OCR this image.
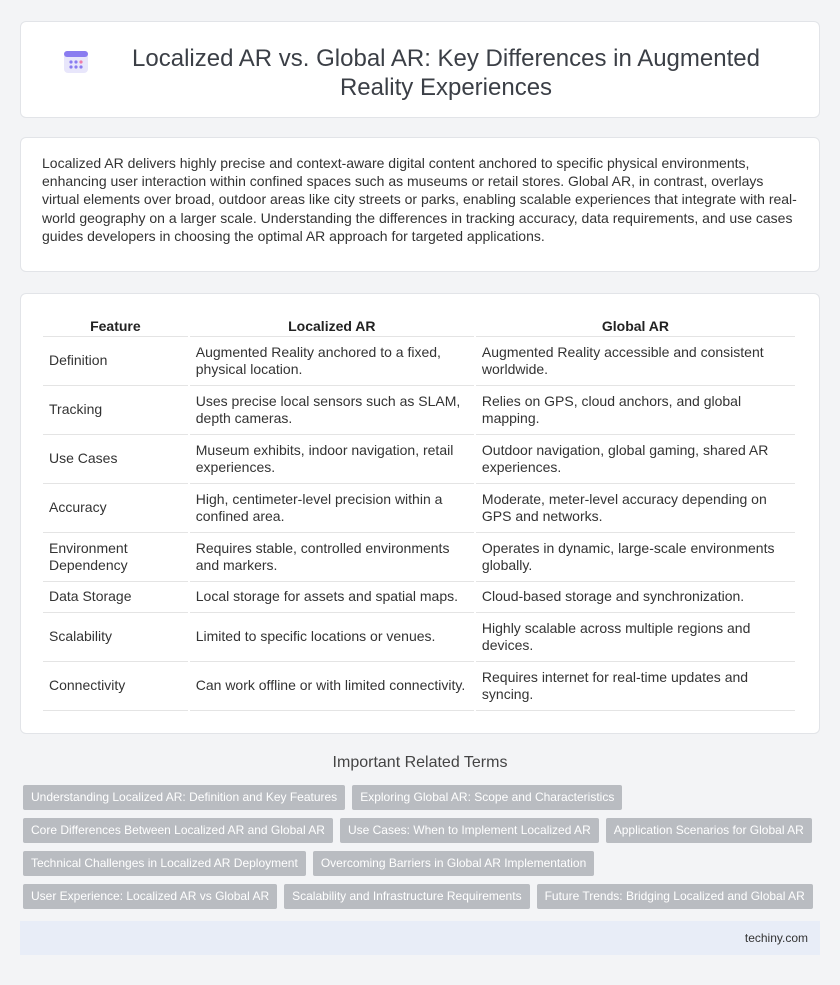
Localized AR vs. Global AR: Key Differences in Augmented Reality Experiences

Localized AR delivers highly precise and context-aware digital content anchored to specific physical environments, enhancing user interaction within confined spaces such as museums or retail stores. Global AR, in contrast, overlays virtual elements over broad, outdoor areas like city streets or parks, enabling scalable experiences that integrate with real-world geography on a larger scale. Understanding the differences in tracking accuracy, data requirements, and use cases guides developers in choosing the optimal AR approach for targeted applications.

Feature	Localized AR	Global AR
Definition	Augmented Reality anchored to a fixed, physical location.	Augmented Reality accessible and consistent worldwide.
Tracking	Uses precise local sensors such as SLAM, depth cameras.	Relies on GPS, cloud anchors, and global mapping.
Use Cases	Museum exhibits, indoor navigation, retail experiences.	Outdoor navigation, global gaming, shared AR experiences.
Accuracy	High, centimeter-level precision within a confined area.	Moderate, meter-level accuracy depending on GPS and networks.
Environment Dependency	Requires stable, controlled environments and markers.	Operates in dynamic, large-scale environments globally.
Data Storage	Local storage for assets and spatial maps.	Cloud-based storage and synchronization.
Scalability	Limited to specific locations or venues.	Highly scalable across multiple regions and devices.
Connectivity	Can work offline or with limited connectivity.	Requires internet for real-time updates and syncing.
Important Related Terms
Understanding Localized AR: Definition and Key Features	Exploring Global AR: Scope and Characteristics
Core Differences Between Localized AR and Global AR	Use Cases: When to Implement Localized AR	Application Scenarios for Global AR
Technical Challenges in Localized AR Deployment	Overcoming Barriers in Global AR Implementation
User Experience: Localized AR vs Global AR	Scalability and Infrastructure Requirements	Future Trends: Bridging Localized and Global AR
techiny.com
